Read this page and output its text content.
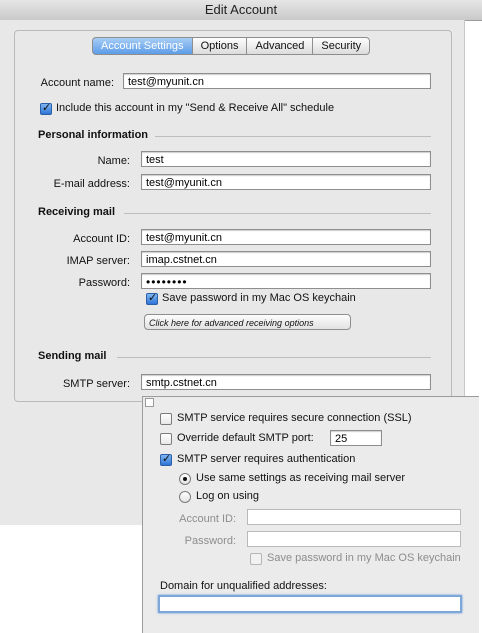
Edit Account
Account Settings	Options	Advanced	Security
Account name:	test@myunit.cn
✓
Include this account in my "Send & Receive All" schedule
Personal information
Name:	test
E-mail address:	test@myunit.cn
Receiving mail
Account ID:	test@myunit.cn
IMAP server:	imap.cstnet.cn
Password:	••••••••
✓
Save password in my Mac OS keychain
Click here for advanced receiving options
Sending mail
SMTP server:	smtp.cstnet.cn
SMTP service requires secure connection (SSL)
Override default SMTP port:	25
✓
SMTP server requires authentication
Use same settings as receiving mail server
Log on using
Account ID:
Password:
Save password in my Mac OS keychain
Domain for unqualified addresses:
